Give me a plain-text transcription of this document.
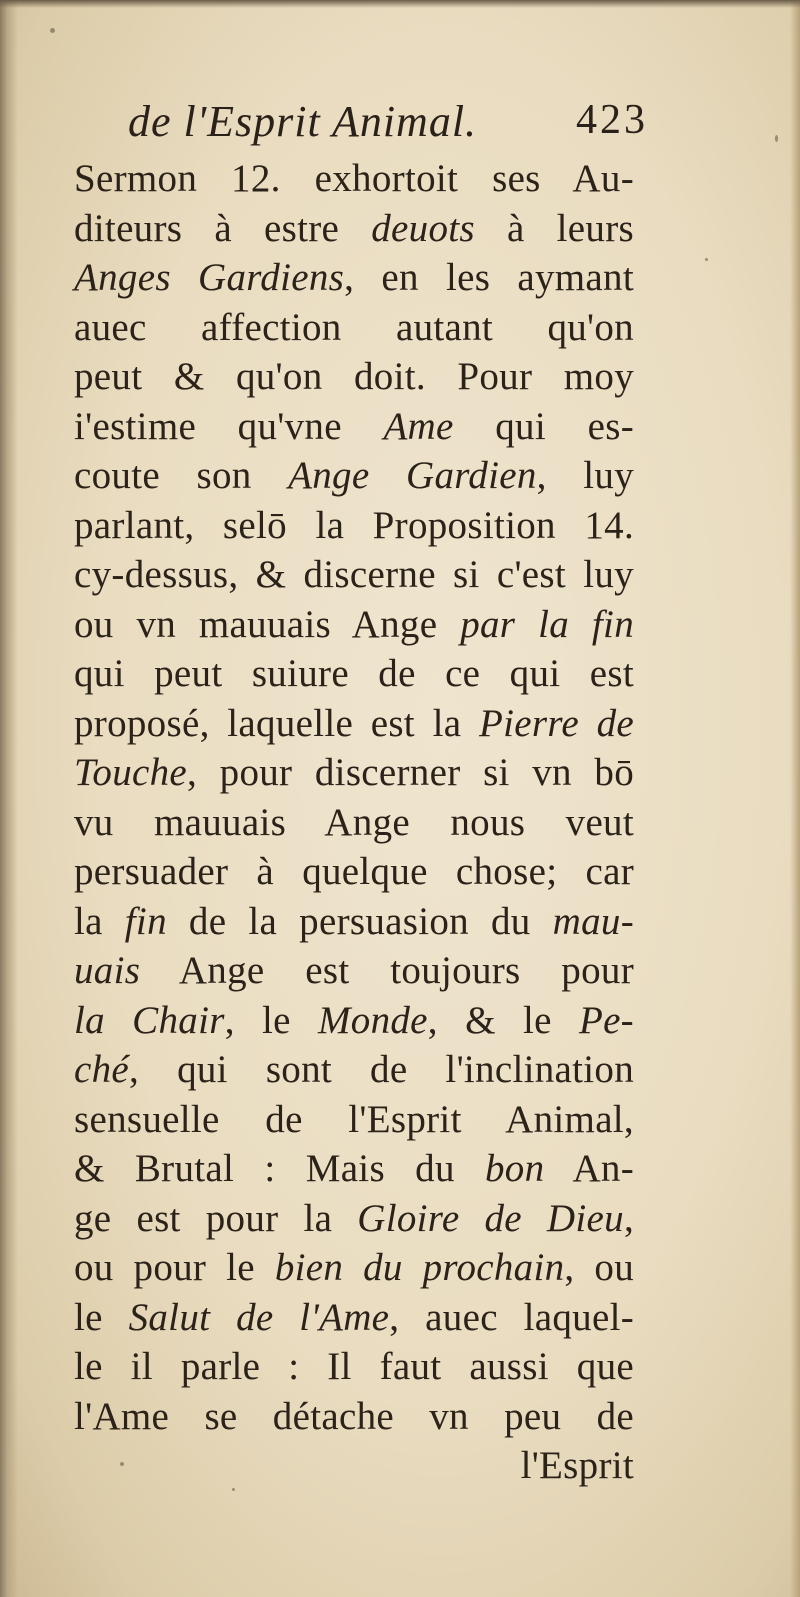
de l'Esprit Animal. 423
Sermon 12. exhortoit ses Au-
diteurs à estre deuots à leurs
Anges Gardiens, en les aymant
auec affection autant qu'on
peut & qu'on doit. Pour moy
i'estime qu'vne Ame qui es-
coute son Ange Gardien, luy
parlant, selō la Proposition 14.
cy-dessus, & discerne si c'est luy
ou vn mauuais Ange par la fin
qui peut suiure de ce qui est
proposé, laquelle est la Pierre de
Touche, pour discerner si vn bō
vu mauuais Ange nous veut
persuader à quelque chose; car
la fin de la persuasion du mau-
uais Ange est toujours pour
la Chair, le Monde, & le Pe-
ché, qui sont de l'inclination
sensuelle de l'Esprit Animal,
& Brutal : Mais du bon An-
ge est pour la Gloire de Dieu,
ou pour le bien du prochain, ou
le Salut de l'Ame, auec laquel-
le il parle : Il faut aussi que
l'Ame se détache vn peu de
l'Esprit
